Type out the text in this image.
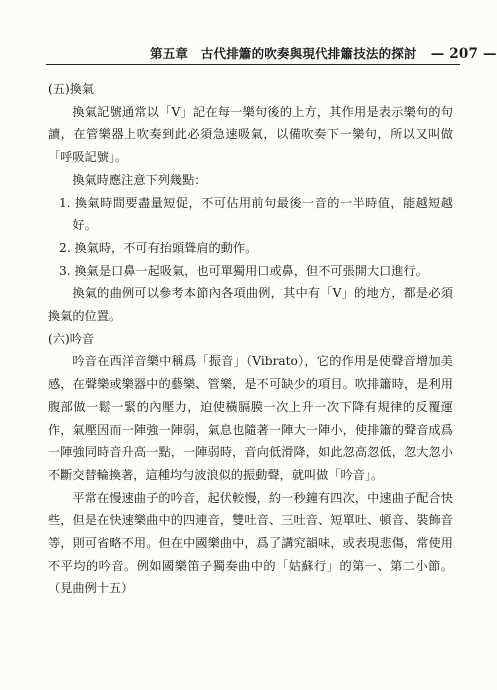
第五章　古代排簫的吹奏與現代排簫技法的探討 — 207 —

(五)換氣

換氣記號通常以「V」記在每一樂句後的上方，其作用是表示樂句的句讀，在管樂器上吹奏到此必須急速吸氣，以備吹奏下一樂句，所以又叫做「呼吸記號」。

換氣時應注意下列幾點：

1. 換氣時間要盡量短促，不可佔用前句最後一音的一半時值，能越短越好。

2. 換氣時，不可有抬頭聳肩的動作。

3. 換氣是口鼻一起吸氣，也可單獨用口或鼻，但不可張開大口進行。

換氣的曲例可以參考本節內各項曲例，其中有「V」的地方，都是必須換氣的位置。

(六)吟音

吟音在西洋音樂中稱爲「振音」（Vibrato），它的作用是使聲音增加美感，在聲樂或樂器中的藝樂、管樂，是不可缺少的項目。吹排簫時，是利用腹部做一鬆一緊的內壓力，迫使橫膈膜一次上升一次下降有規律的反覆運作，氣壓因而一陣強一陣弱，氣息也隨著一陣大一陣小，使排簫的聲音成爲一陣強同時音升高一點，一陣弱時，音向低滑降，如此忽高忽低，忽大忽小不斷交替輪換著，這種均勻波浪似的振動聲，就叫做「吟音」。

平常在慢速曲子的吟音，起伏較慢，約一秒鐘有四次，中速曲子配合快些，但是在快速樂曲中的四連音，雙吐音、三吐音、短單吐、頓音、裝飾音等，則可省略不用。但在中國樂曲中，爲了講究韻味，或表現悲傷，常使用不平均的吟音。例如國樂笛子獨奏曲中的「姑蘇行」的第一、第二小節。（見曲例十五）
